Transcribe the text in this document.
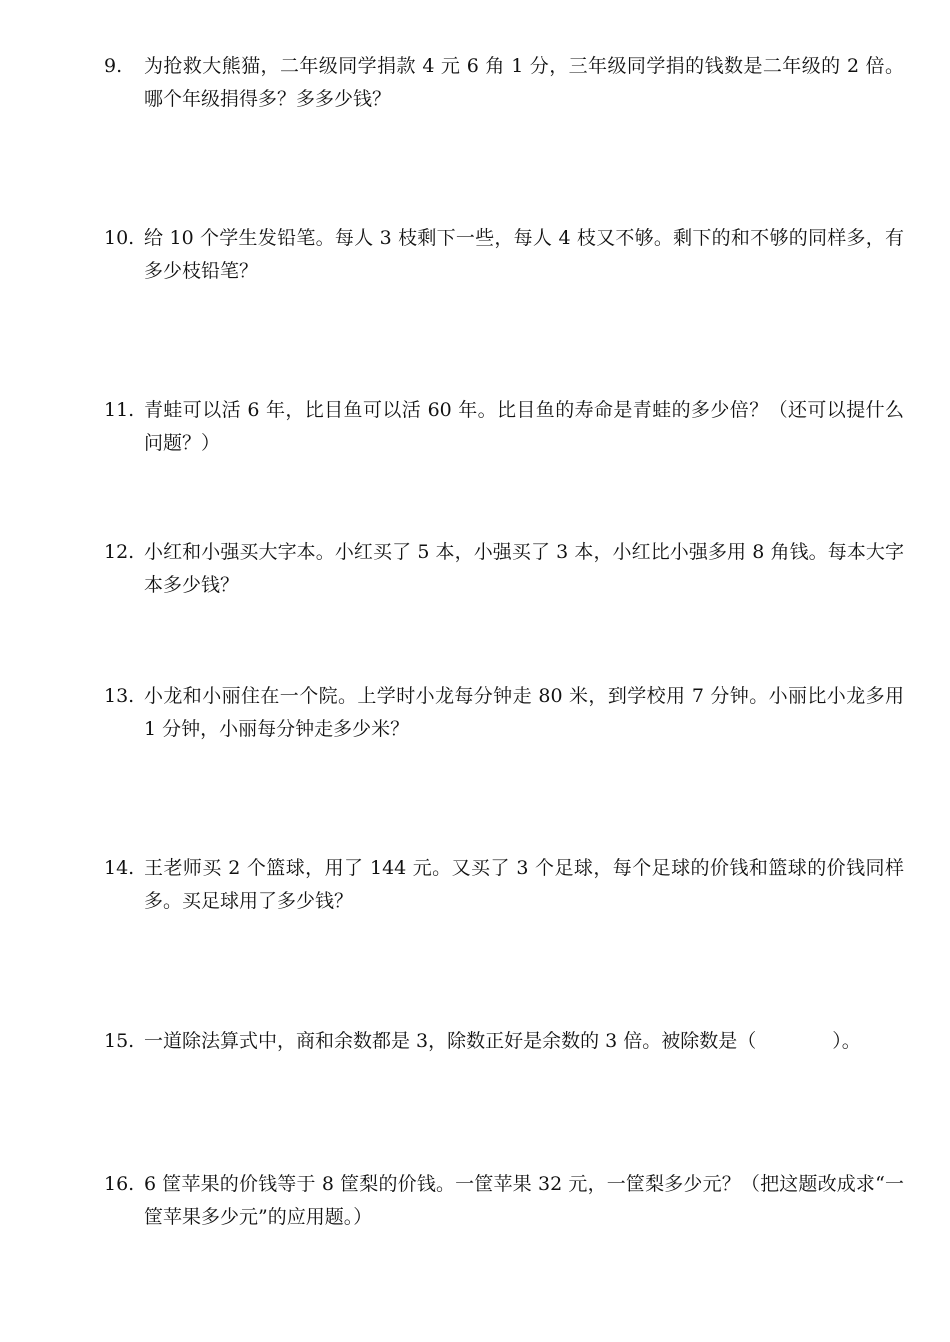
9.	为抢救大熊猫，二年级同学捐款 4 元 6 角 1 分，三年级同学捐的钱数是二年级的 2 倍。哪个年级捐得多？多多少钱？
10. 给 10 个学生发铅笔。每人 3 枝剩下一些，每人 4 枝又不够。剩下的和不够的同样多，有多少枝铅笔？
11. 青蛙可以活 6 年，比目鱼可以活 60 年。比目鱼的寿命是青蛙的多少倍？（还可以提什么问题？）
12. 小红和小强买大字本。小红买了 5 本，小强买了 3 本，小红比小强多用 8 角钱。每本大字本多少钱？
13. 小龙和小丽住在一个院。上学时小龙每分钟走 80 米，到学校用 7 分钟。小丽比小龙多用 1 分钟，小丽每分钟走多少米？
14. 王老师买 2 个篮球，用了 144 元。又买了 3 个足球，每个足球的价钱和篮球的价钱同样多。买足球用了多少钱？
15. 一道除法算式中，商和余数都是 3，除数正好是余数的 3 倍。被除数是（　　　　）。
16. 6 筐苹果的价钱等于 8 筐梨的价钱。一筐苹果 32 元，一筐梨多少元？（把这题改成求“一筐苹果多少元”的应用题。）
